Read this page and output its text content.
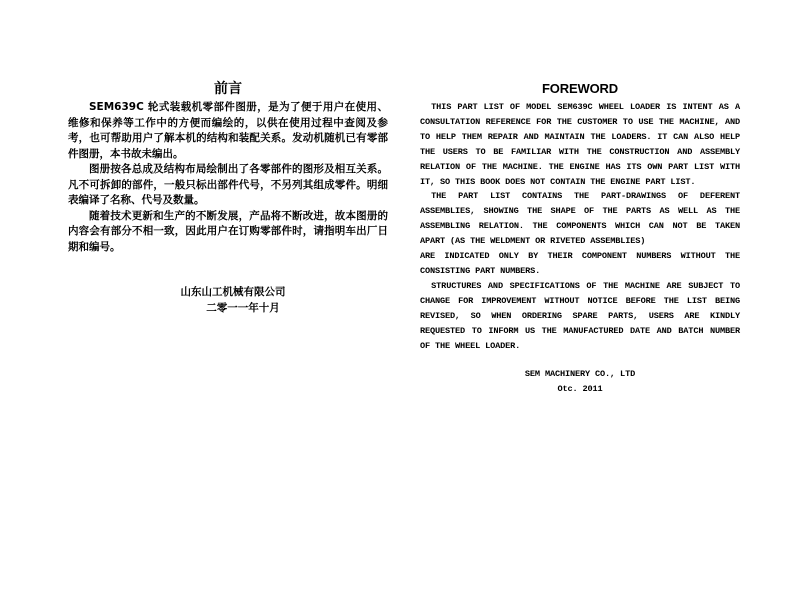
前言

SEM639C 轮式装载机零部件图册，是为了便于用户在使用、维修和保养等工作中的方便而编绘的，以供在使用过程中查阅及参考，也可帮助用户了解本机的结构和装配关系。发动机随机已有零部件图册，本书故未编出。

图册按各总成及结构布局绘制出了各零部件的图形及相互关系。凡不可拆卸的部件，一般只标出部件代号，不另列其组成零件。明细表编译了名称、代号及数量。

随着技术更新和生产的不断发展，产品将不断改进，故本图册的内容会有部分不相一致，因此用户在订购零部件时，请指明车出厂日期和编号。

山东山工机械有限公司

二零一一年十月

FOREWORD

THIS PART LIST OF MODEL SEM639C WHEEL LOADER IS INTENT AS A CONSULTATION REFERENCE FOR THE CUSTOMER TO USE THE MACHINE, AND TO HELP THEM REPAIR AND MAINTAIN THE LOADERS. IT CAN ALSO HELP THE USERS TO BE FAMILIAR WITH THE CONSTRUCTION AND ASSEMBLY RELATION OF THE MACHINE. THE ENGINE HAS ITS OWN PART LIST WITH IT, SO THIS BOOK DOES NOT CONTAIN THE ENGINE PART LIST.

THE PART LIST CONTAINS THE PART-DRAWINGS OF DEFERENT ASSEMBLIES, SHOWING THE SHAPE OF THE PARTS AS WELL AS THE ASSEMBLING RELATION. THE COMPONENTS WHICH CAN NOT BE TAKEN APART (AS THE WELDMENT OR RIVETED ASSEMBLIES)

ARE INDICATED ONLY BY THEIR COMPONENT NUMBERS WITHOUT THE CONSISTING PART NUMBERS.

STRUCTURES AND SPECIFICATIONS OF THE MACHINE ARE SUBJECT TO CHANGE FOR IMPROVEMENT WITHOUT NOTICE BEFORE THE LIST BEING REVISED, SO WHEN ORDERING SPARE PARTS, USERS ARE KINDLY REQUESTED TO INFORM US THE MANUFACTURED DATE AND BATCH NUMBER OF THE WHEEL LOADER.

SEM MACHINERY CO., LTD

Otc. 2011
